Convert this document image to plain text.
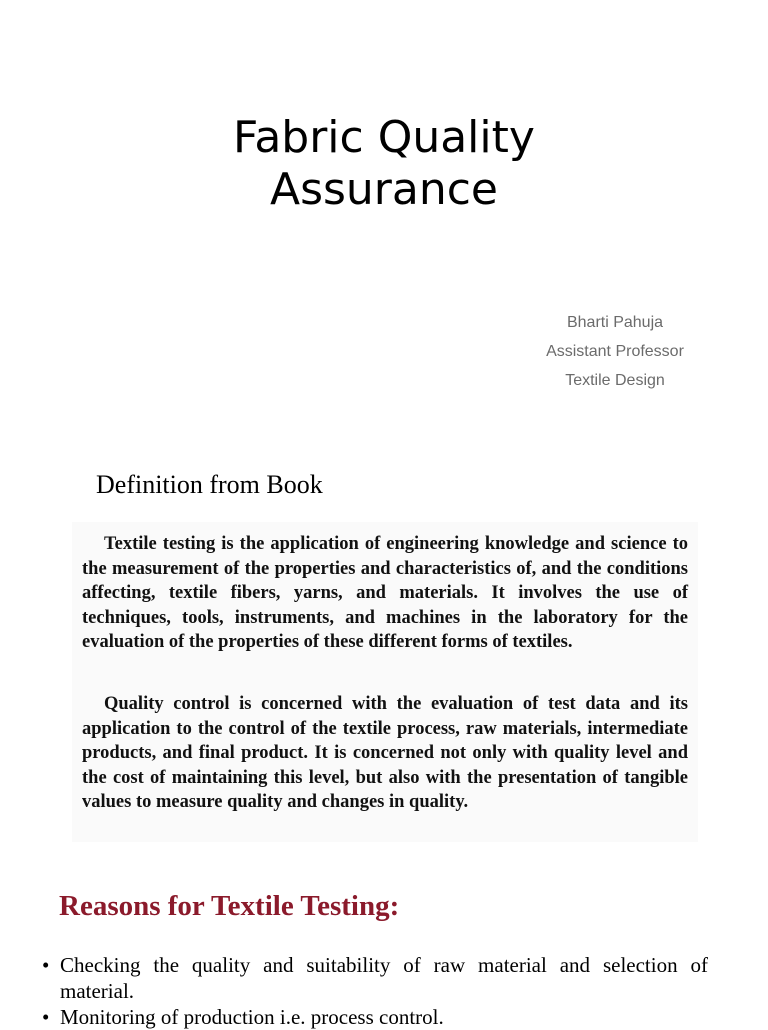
Fabric Quality
Assurance
Bharti Pahuja
Assistant Professor
Textile Design
Definition from Book

Textile testing is the application of engineering knowledge and science to the measurement of the properties and characteristics of, and the conditions affecting, textile fibers, yarns, and materials. It involves the use of techniques, tools, instruments, and machines in the laboratory for the evaluation of the properties of these different forms of textiles.

Quality control is concerned with the evaluation of test data and its application to the control of the textile process, raw materials, intermediate products, and final product. It is concerned not only with quality level and the cost of maintaining this level, but also with the presentation of tangible values to measure quality and changes in quality.

Reasons for Textile Testing:
• Checking the quality and suitability of raw material and selection of material.
• Monitoring of production i.e. process control.
